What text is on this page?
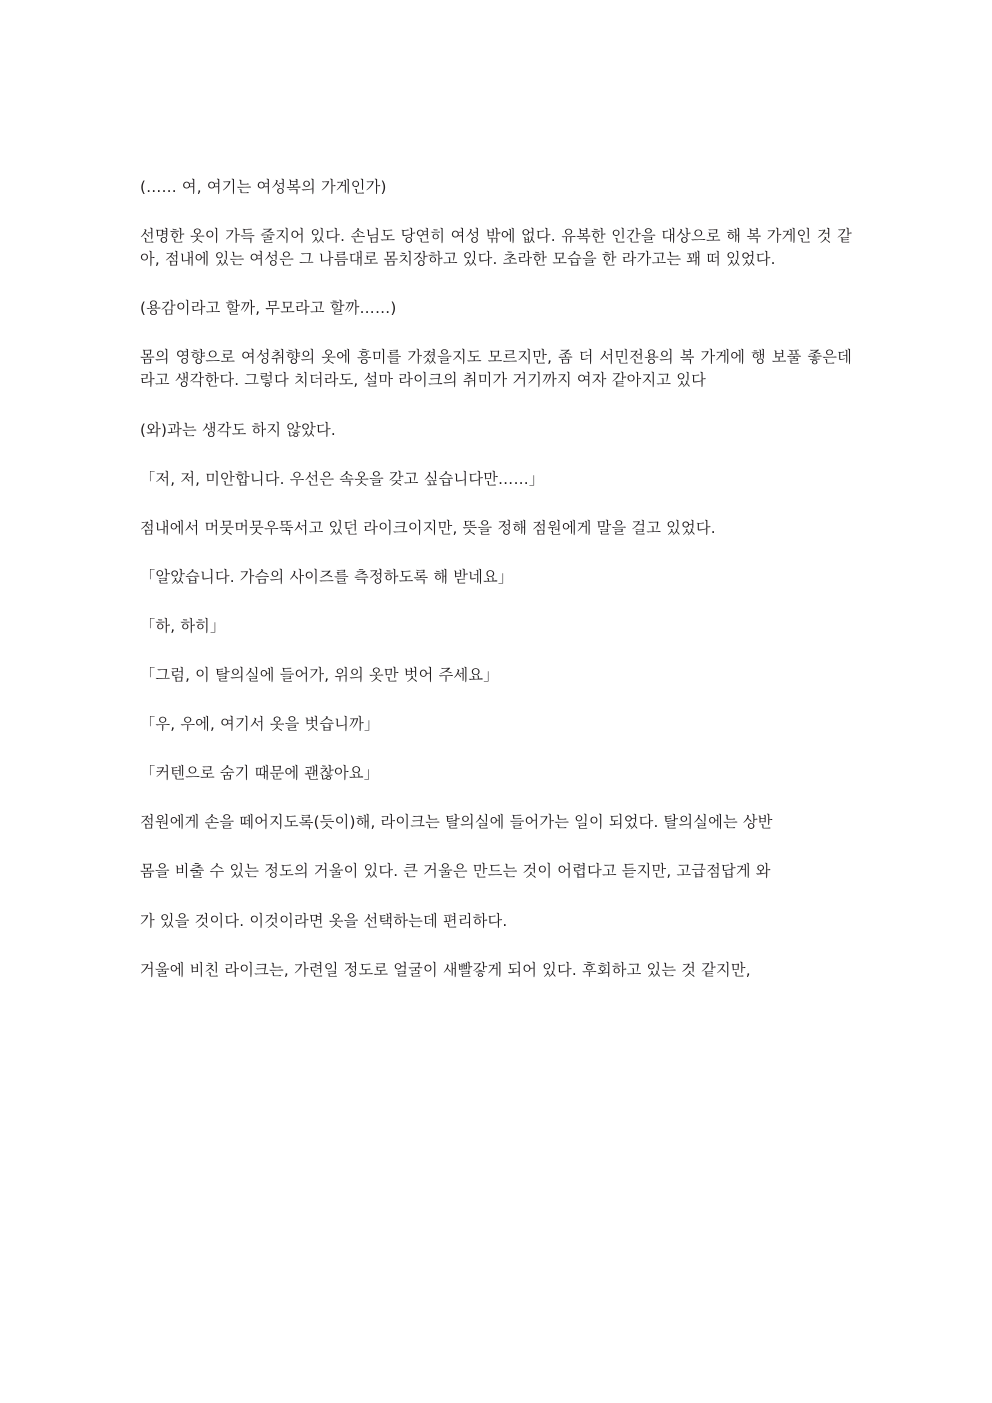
(…… 여, 여기는 여성복의 가게인가)

선명한 옷이 가득 줄지어 있다. 손님도 당연히 여성 밖에 없다. 유복한 인간을 대상으로 해 복 가게인 것 같아, 점내에 있는 여성은 그 나름대로 몸치장하고 있다. 초라한 모습을 한 라가고는 꽤 떠 있었다.

(용감이라고 할까, 무모라고 할까……)

몸의 영향으로 여성취향의 옷에 흥미를 가졌을지도 모르지만, 좀 더 서민전용의 복 가게에 행 보풀 좋은데라고 생각한다. 그렇다 치더라도, 설마 라이크의 취미가 거기까지 여자 같아지고 있다

(와)과는 생각도 하지 않았다.

「저, 저, 미안합니다. 우선은 속옷을 갖고 싶습니다만……」

점내에서 머뭇머뭇우뚝서고 있던 라이크이지만, 뜻을 정해 점원에게 말을 걸고 있었다.

「알았습니다. 가슴의 사이즈를 측정하도록 해 받네요」

「하, 하히」

「그럼, 이 탈의실에 들어가, 위의 옷만 벗어 주세요」

「우, 우에, 여기서 옷을 벗습니까」

「커텐으로 숨기 때문에 괜찮아요」

점원에게 손을 떼어지도록(듯이)해, 라이크는 탈의실에 들어가는 일이 되었다. 탈의실에는 상반

몸을 비출 수 있는 정도의 거울이 있다. 큰 거울은 만드는 것이 어렵다고 듣지만, 고급점답게 와

가 있을 것이다. 이것이라면 옷을 선택하는데 편리하다.

거울에 비친 라이크는, 가련일 정도로 얼굴이 새빨갛게 되어 있다. 후회하고 있는 것 같지만,
